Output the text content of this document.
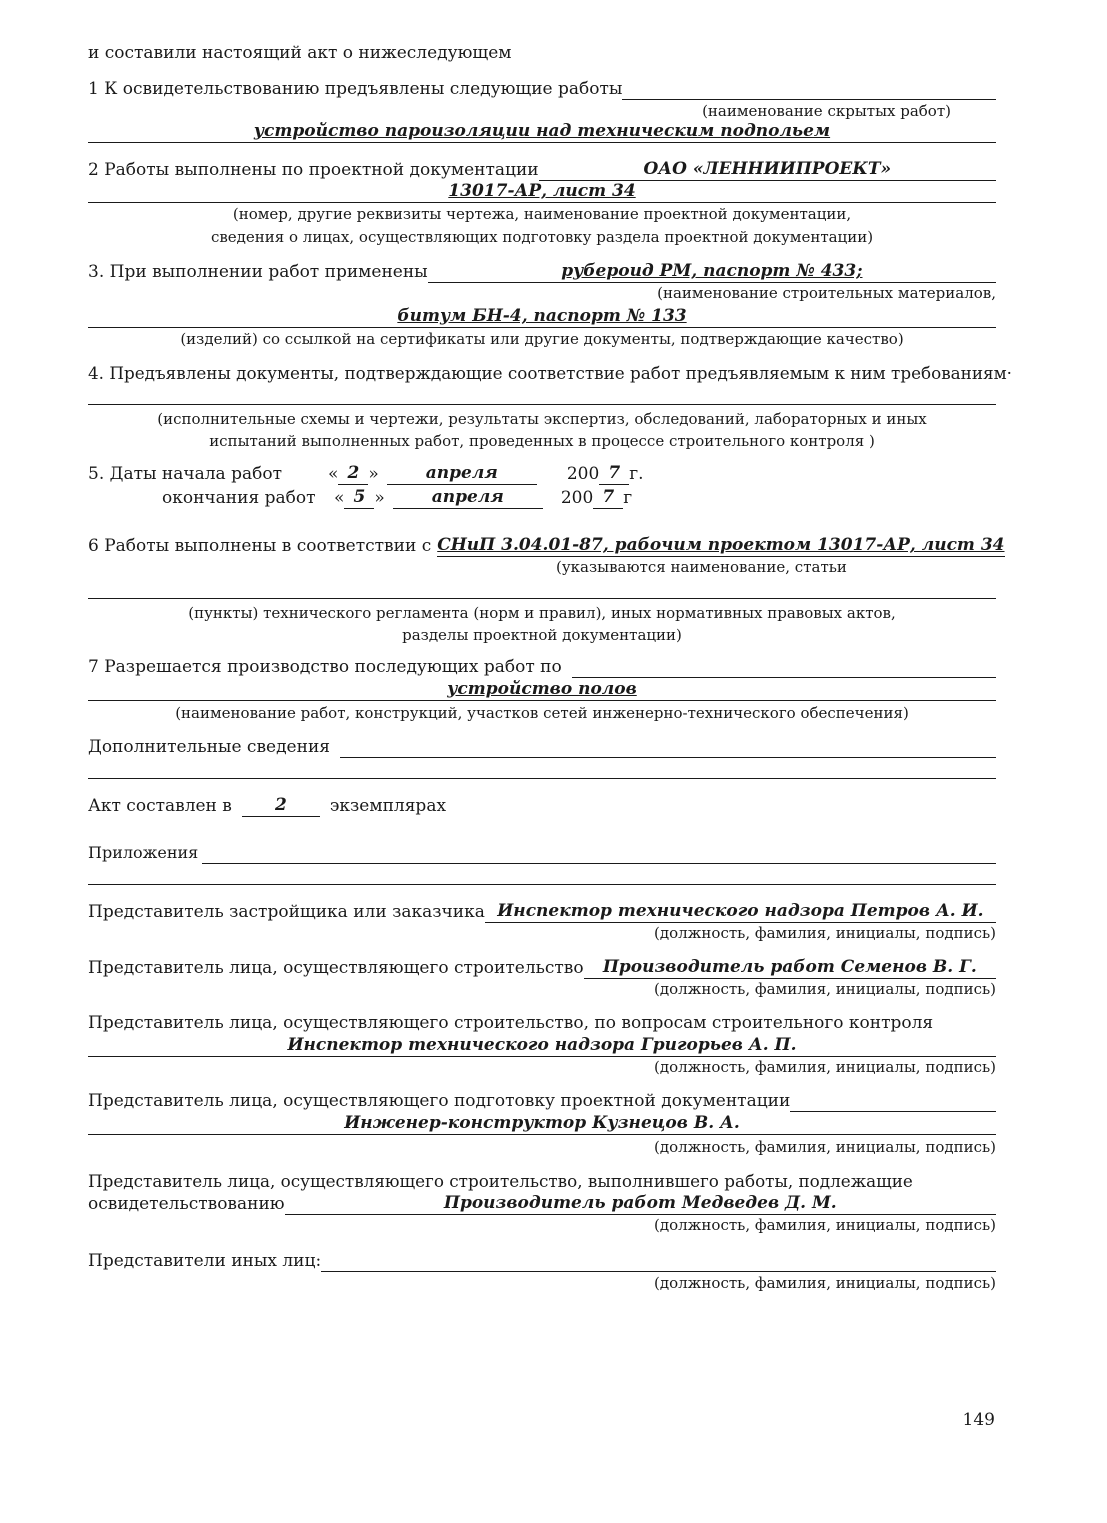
и составили настоящий акт о нижеследующем
1 К освидетельствованию предъявлены следующие работы
(наименование скрытых работ)
устройство пароизоляции над техническим подпольем
2 Работы выполнены по проектной документации	ОАО «ЛЕННИИПРОЕКТ»
13017-АР, лист 34
(номер, другие реквизиты чертежа, наименование проектной документации,
сведения о лицах, осуществляющих подготовку раздела проектной документации)
3. При выполнении работ применены	рубероид РМ, паспорт № 433;
(наименование строительных материалов,
битум БН-4, паспорт № 133
(изделий) со ссылкой на сертификаты или другие документы, подтверждающие качество)
4. Предъявлены документы, подтверждающие соответствие работ предъявляемым к ним требованиям·
(исполнительные схемы и чертежи, результаты экспертиз, обследований, лабораторных и иных
испытаний выполненных работ, проведенных в процессе строительного контроля )
5. Даты начала работ	« 2 »	апреля	200 7 г.
окончания работ	« 5 »	апреля	200 7 г
6 Работы выполнены в соответствии с СНиП 3.04.01-87, рабочим проектом 13017-АР, лист 34
(указываются наименование, статьи
(пункты) технического регламента (норм и правил), иных нормативных правовых актов,
разделы проектной документации)
7 Разрешается производство последующих работ по
устройство полов
(наименование работ, конструкций, участков сетей инженерно-технического обеспечения)
Дополнительные сведения
Акт составлен в	2	экземплярах
Приложения
Представитель застройщика или заказчика Инспектор технического надзора Петров А. И.
(должность, фамилия, инициалы, подпись)
Представитель лица, осуществляющего строительство	Производитель работ Семенов В. Г.
(должность, фамилия, инициалы, подпись)
Представитель лица, осуществляющего строительство, по вопросам строительного контроля
Инспектор технического надзора Григорьев А. П.
(должность, фамилия, инициалы, подпись)
Представитель лица, осуществляющего подготовку проектной документации
Инженер-конструктор Кузнецов В. А.
(должность, фамилия, инициалы, подпись)
Представитель лица, осуществляющего строительство, выполнившего работы, подлежащие
освидетельствованию	Производитель работ Медведев Д. М.
(должность, фамилия, инициалы, подпись)
Представители иных лиц:
(должность, фамилия, инициалы, подпись)
149
